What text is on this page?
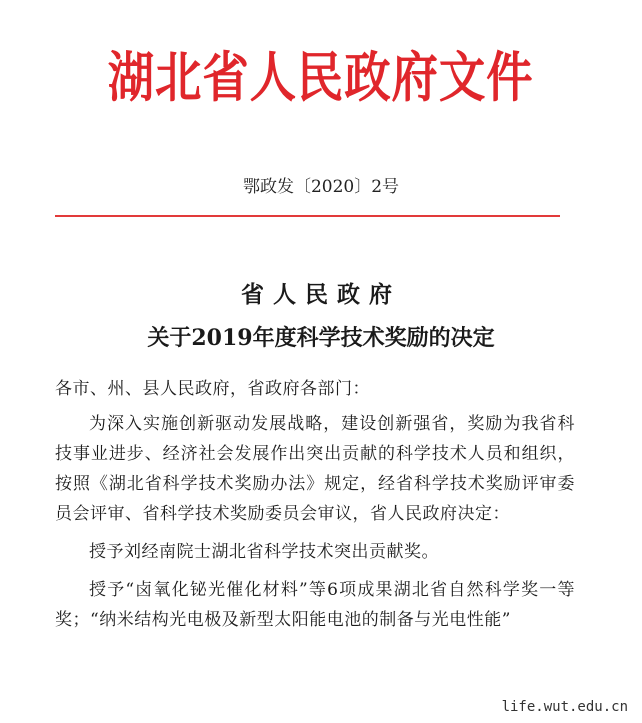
湖北省人民政府文件
鄂政发〔2020〕2号
省人民政府
关于2019年度科学技术奖励的决定

各市、州、县人民政府，省政府各部门：

为深入实施创新驱动发展战略，建设创新强省，奖励为我省科技事业进步、经济社会发展作出突出贡献的科学技术人员和组织，按照《湖北省科学技术奖励办法》规定，经省科学技术奖励评审委员会评审、省科学技术奖励委员会审议，省人民政府决定：

授予刘经南院士湖北省科学技术突出贡献奖。

授予“卤氧化铋光催化材料”等6项成果湖北省自然科学奖一等奖；“纳米结构光电极及新型太阳能电池的制备与光电性能”

life.wut.edu.cn
